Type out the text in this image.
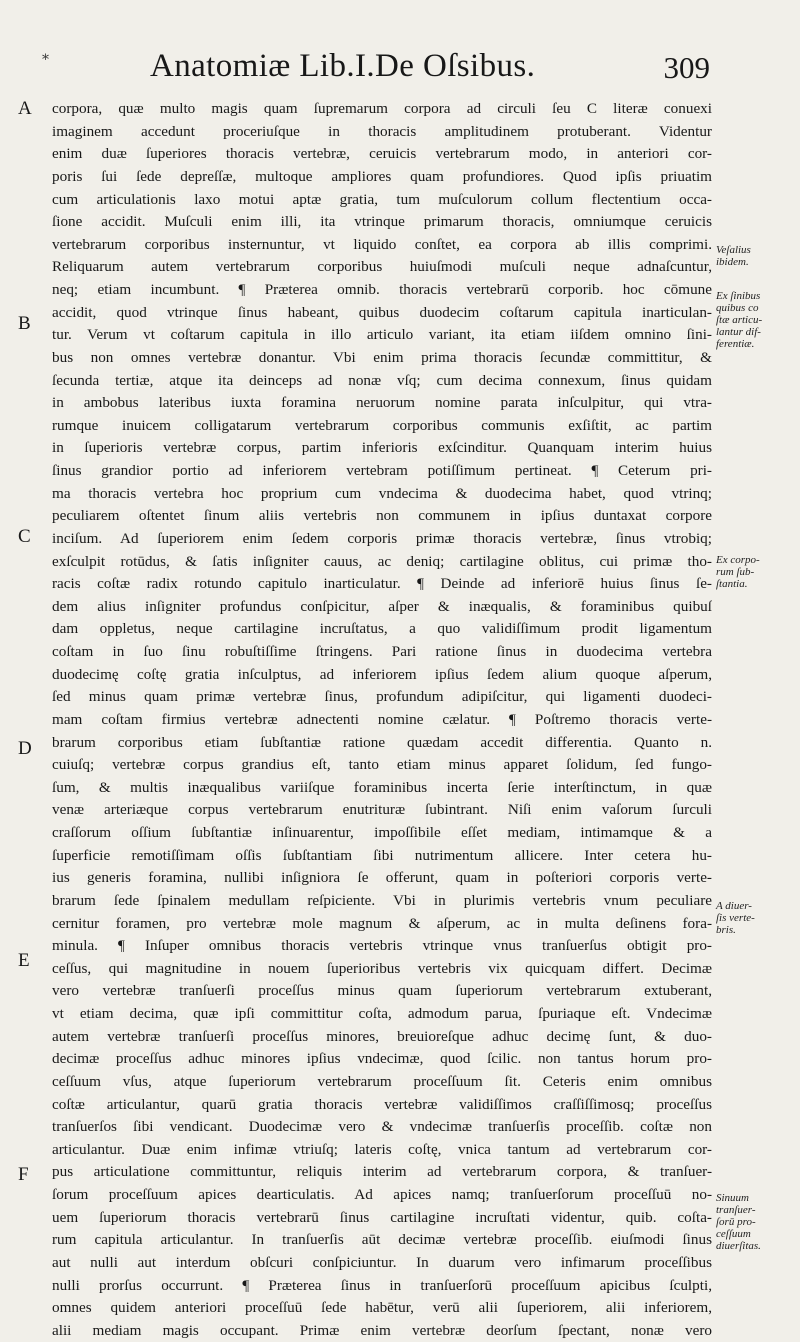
*	Anatomiæ Lib.I.De Oſsibus.	309
A
B
C
D
E
F
corpora, quæ multo magis quam ſupremarum corpora ad circuli ſeu C literæ conuexi
imaginem accedunt proceriuſque in thoracis amplitudinem protuberant. Videntur
enim duæ ſuperiores thoracis vertebræ, ceruicis vertebrarum modo, in anteriori cor-
poris ſui ſede depreſſæ, multoque ampliores quam profundiores. Quod ipſis priuatim
cum articulationis laxo motui aptæ gratia, tum muſculorum collum flectentium occa-
ſione accidit. Muſculi enim illi, ita vtrinque primarum thoracis, omniumque ceruicis
vertebrarum corporibus insternuntur, vt liquido conſtet, ea corpora ab illis comprimi.
Reliquarum autem vertebrarum corporibus huiuſmodi muſculi neque adnaſcuntur,
neq; etiam incumbunt. ¶ Præterea omnib. thoracis vertebrarū corporib. hoc cōmune
accidit, quod vtrinque ſinus habeant, quibus duodecim coſtarum capitula inarticulan-
tur. Verum vt coſtarum capitula in illo articulo variant, ita etiam iiſdem omnino ſini-
bus non omnes vertebræ donantur. Vbi enim prima thoracis ſecundæ committitur, &
ſecunda tertiæ, atque ita deinceps ad nonæ vſq; cum decima connexum, ſinus quidam
in ambobus lateribus iuxta foramina neruorum nomine parata inſculpitur, qui vtra-
rumque inuicem colligatarum vertebrarum corporibus communis exſiſtit, ac partim
in ſuperioris vertebræ corpus, partim inferioris exſcinditur. Quanquam interim huius
ſinus grandior portio ad inferiorem vertebram potiſſimum pertineat. ¶ Ceterum pri-
ma thoracis vertebra hoc proprium cum vndecima & duodecima habet, quod vtrinq;
peculiarem oſtentet ſinum aliis vertebris non communem in ipſius duntaxat corpore
inciſum. Ad ſuperiorem enim ſedem corporis primæ thoracis vertebræ, ſinus vtrobiq;
exſculpit rotūdus, & ſatis inſigniter cauus, ac deniq; cartilagine oblitus, cui primæ tho-
racis coſtæ radix rotundo capitulo inarticulatur. ¶ Deinde ad inferiorē huius ſinus ſe-
dem alius inſigniter profundus conſpicitur, aſper & inæqualis, & foraminibus quibuſ
dam oppletus, neque cartilagine incruſtatus, a quo validiſſimum prodit ligamentum
coſtam in ſuo ſinu robuſtiſſime ſtringens. Pari ratione ſinus in duodecima vertebra
duodecimę coſtę gratia inſculptus, ad inferiorem ipſius ſedem alium quoque aſperum,
ſed minus quam primæ vertebræ ſinus, profundum adipiſcitur, qui ligamenti duodeci-
mam coſtam firmius vertebræ adnectenti nomine cælatur. ¶ Poſtremo thoracis verte-
brarum corporibus etiam ſubſtantiæ ratione quædam accedit differentia. Quanto n.
cuiuſq; vertebræ corpus grandius eſt, tanto etiam minus apparet ſolidum, ſed fungo-
ſum, & multis inæqualibus variiſque foraminibus incerta ſerie interſtinctum, in quæ
venæ arteriæque corpus vertebrarum enutrituræ ſubintrant. Niſi enim vaſorum ſurculi
craſſorum oſſium ſubſtantiæ inſinuarentur, impoſſibile eſſet mediam, intimamque & a
ſuperficie remotiſſimam oſſis ſubſtantiam ſibi nutrimentum allicere. Inter cetera hu-
ius generis foramina, nullibi inſigniora ſe offerunt, quam in poſteriori corporis verte-
brarum ſede ſpinalem medullam reſpiciente. Vbi in plurimis vertebris vnum peculiare
cernitur foramen, pro vertebræ mole magnum & aſperum, ac in multa deſinens fora-
minula. ¶ Inſuper omnibus thoracis vertebris vtrinque vnus tranſuerſus obtigit pro-
ceſſus, qui magnitudine in nouem ſuperioribus vertebris vix quicquam differt. Decimæ
vero vertebræ tranſuerſi proceſſus minus quam ſuperiorum vertebrarum extuberant,
vt etiam decima, quæ ipſi committitur coſta, admodum parua, ſpuriaque eſt. Vndecimæ
autem vertebræ tranſuerſi proceſſus minores, breuioreſque adhuc decimę ſunt, & duo-
decimæ proceſſus adhuc minores ipſius vndecimæ, quod ſcilic. non tantus horum pro-
ceſſuum vſus, atque ſuperiorum vertebrarum proceſſuum ſit. Ceteris enim omnibus
coſtæ articulantur, quarū gratia thoracis vertebræ validiſſimos craſſiſſimosq; proceſſus
tranſuerſos ſibi vendicant. Duodecimæ vero & vndecimæ tranſuerſis proceſſib. coſtæ non
articulantur. Duæ enim infimæ vtriuſq; lateris coſtę, vnica tantum ad vertebrarum cor-
pus articulatione committuntur, reliquis interim ad vertebrarum corpora, & tranſuer-
ſorum proceſſuum apices dearticulatis. Ad apices namq; tranſuerſorum proceſſuū no-
uem ſuperiorum thoracis vertebrarū ſinus cartilagine incruſtati videntur, quib. coſta-
rum capitula articulantur. In tranſuerſis aūt decimæ vertebræ proceſſib. eiuſmodi ſinus
aut nulli aut interdum obſcuri conſpiciuntur. In duarum vero infimarum proceſſibus
nulli prorſus occurrunt. ¶ Præterea ſinus in tranſuerſorū proceſſuum apicibus ſculpti,
omnes quidem anteriori proceſſuū ſede habētur, verū alii ſuperiorem, alii inferiorem,
alii mediam magis occupant. Primæ enim vertebræ deorſum ſpectant, nonæ vero
Veſalius
ibidem.
Ex ſinibus
quibus co
ſtæ articu-
lantur dif-
ferentiæ.
Ex corpo-
rum ſub-
ſtantia.
A diuer-
ſis verte-
bris.
Sinuum
tranſuer-
ſorū pro-
ceſſuum
diuerſitas.
